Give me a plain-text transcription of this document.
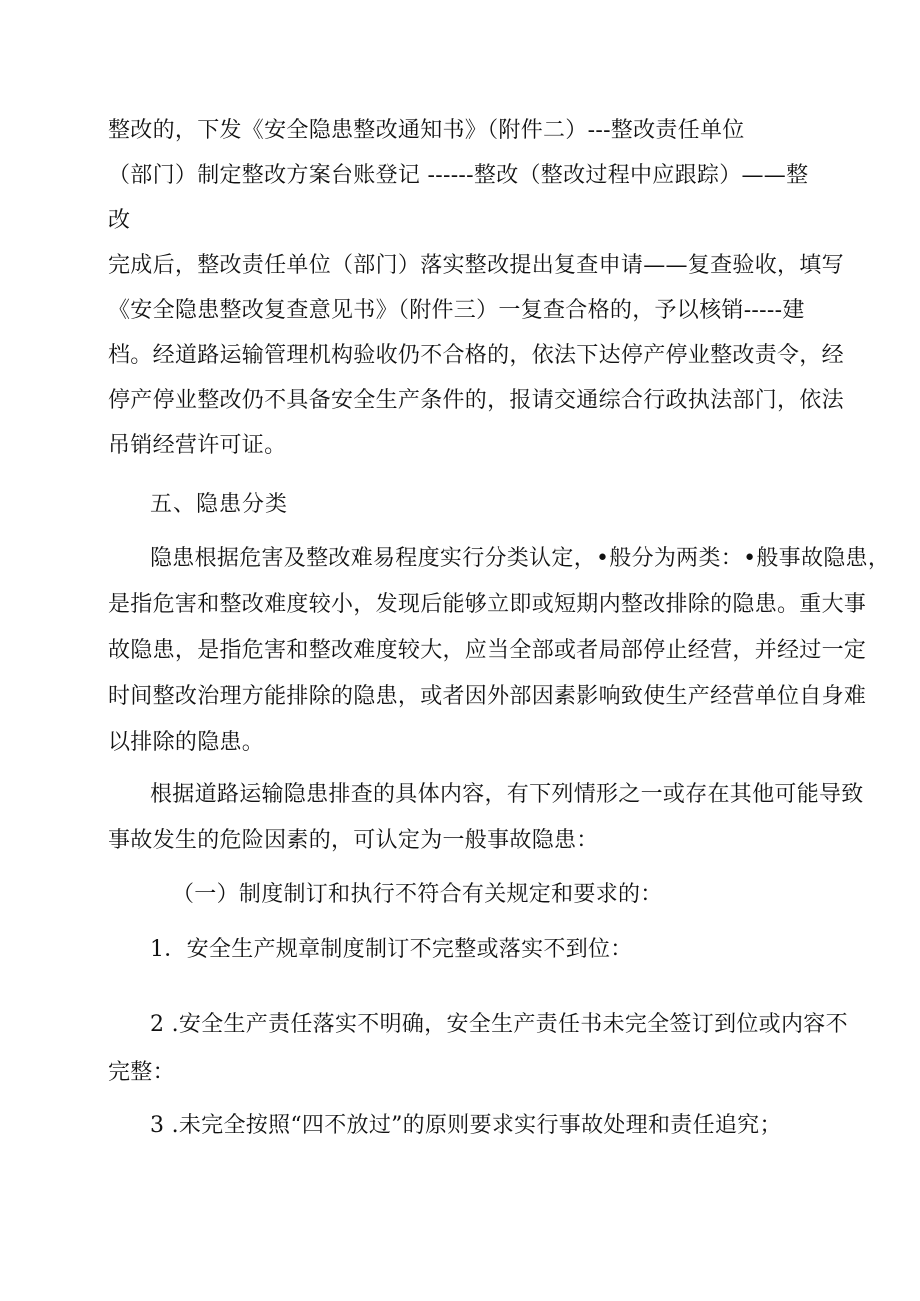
整改的，下发《安全隐患整改通知书》（附件二）---整改责任单位

（部门）制定整改方案台账登记 ------整改（整改过程中应跟踪）——整

改

完成后，整改责任单位（部门）落实整改提出复查申请——复查验收，填写

《安全隐患整改复查意见书》（附件三）一复查合格的，予以核销-----建

档。经道路运输管理机构验收仍不合格的，依法下达停产停业整改责令，经

停产停业整改仍不具备安全生产条件的，报请交通综合行政执法部门，依法

吊销经营许可证。

五、隐患分类

隐患根据危害及整改难易程度实行分类认定，•般分为两类：•般事故隐患，

是指危害和整改难度较小，发现后能够立即或短期内整改排除的隐患。重大事

故隐患，是指危害和整改难度较大，应当全部或者局部停止经营，并经过一定

时间整改治理方能排除的隐患，或者因外部因素影响致使生产经营单位自身难

以排除的隐患。

根据道路运输隐患排查的具体内容，有下列情形之一或存在其他可能导致

事故发生的危险因素的，可认定为一般事故隐患：

（一）制度制订和执行不符合有关规定和要求的：

1．安全生产规章制度制订不完整或落实不到位：

2 .安全生产责任落实不明确，安全生产责任书未完全签订到位或内容不

完整：

3 .未完全按照“四不放过”的原则要求实行事故处理和责任追究；
